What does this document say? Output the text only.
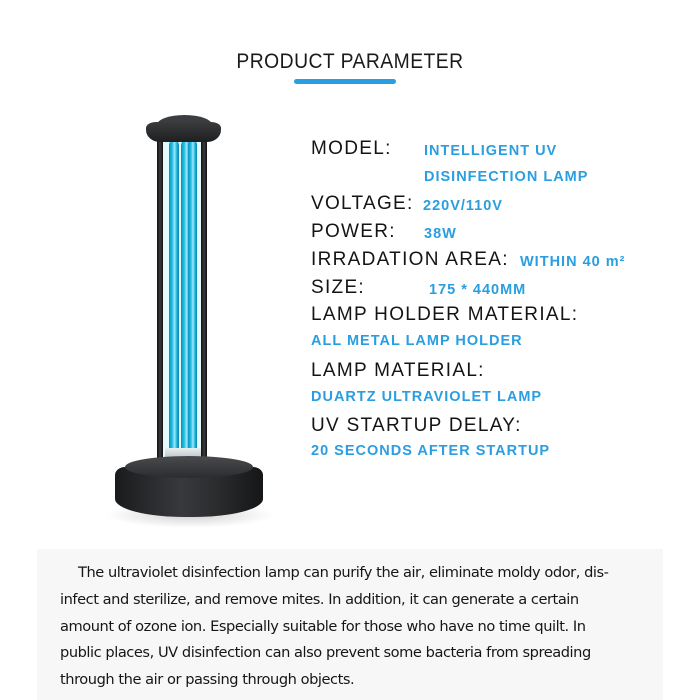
PRODUCT PARAMETER
MODEL: INTELLIGENT UV
DISINFECTION LAMP
VOLTAGE: 220V/110V
POWER: 38W
IRRADATION AREA: WITHIN 40 m²
SIZE:	175 * 440MM
LAMP HOLDER MATERIAL:
ALL METAL LAMP HOLDER
LAMP MATERIAL:
DUARTZ ULTRAVIOLET LAMP
UV STARTUP DELAY:
20 SECONDS AFTER STARTUP
The ultraviolet disinfection lamp can purify the air, eliminate moldy odor, dis-
infect and sterilize, and remove mites. In addition, it can generate a certain
amount of ozone ion. Especially suitable for those who have no time quilt. In
public places, UV disinfection can also prevent some bacteria from spreading
through the air or passing through objects.
